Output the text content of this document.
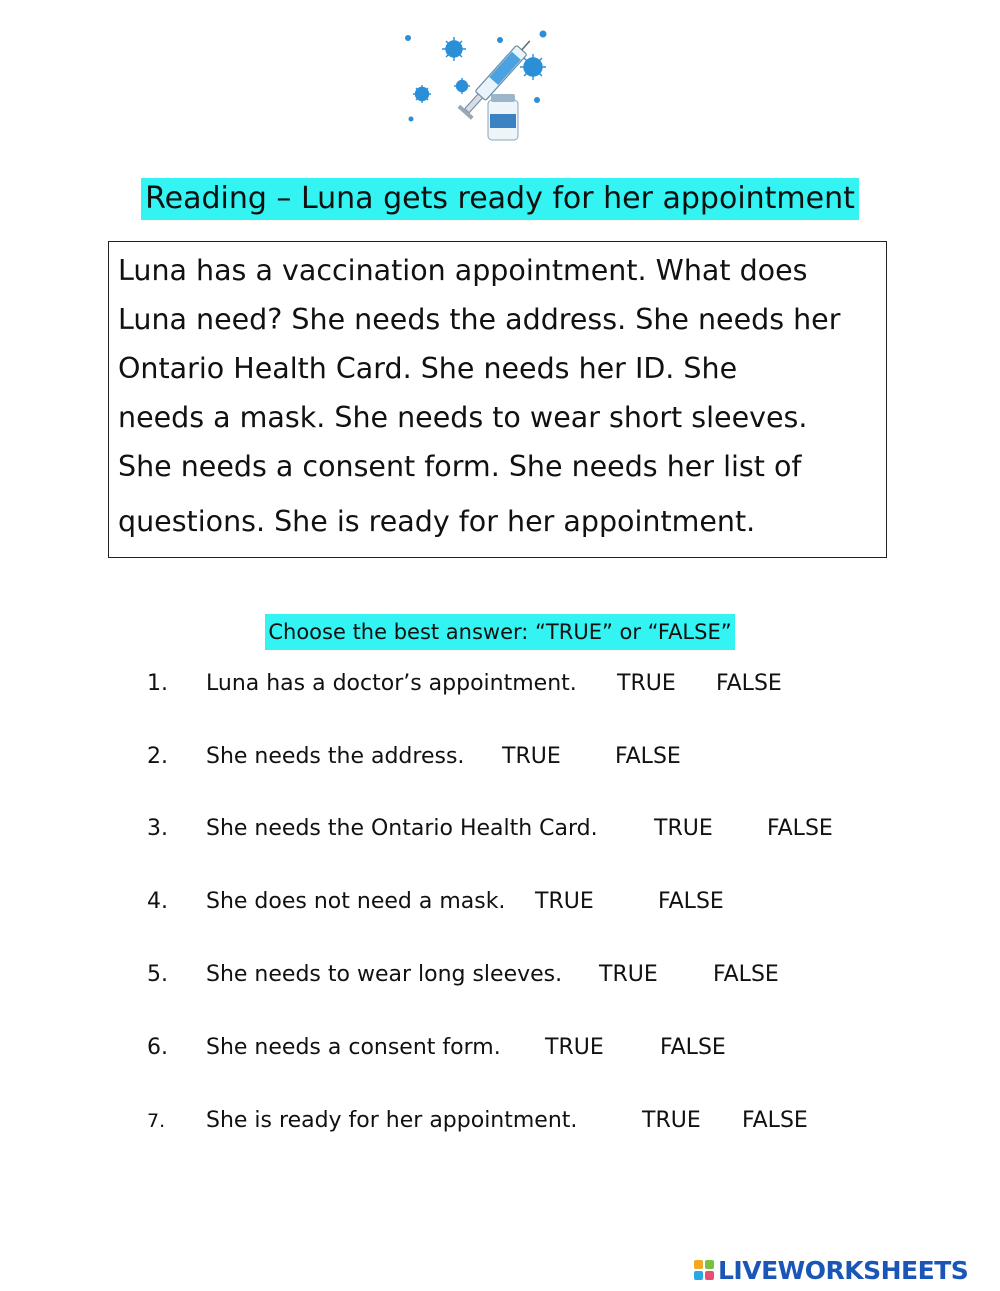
Reading – Luna gets ready for her appointment

Luna has a vaccination appointment. What does
Luna need? She needs the address. She needs her
Ontario Health Card. She needs her ID. She
needs a mask. She needs to wear short sleeves.
She needs a consent form. She needs her list of
questions. She is ready for her appointment.

Choose the best answer: “TRUE” or “FALSE”
1. Luna has a doctor’s appointment. TRUE FALSE
2. She needs the address. TRUE FALSE
3. She needs the Ontario Health Card.	TRUE FALSE
4. She does not need a mask. TRUE	FALSE
5. She needs to wear long sleeves. TRUE	FALSE
6. She needs a consent form. TRUE	FALSE
7. She is ready for her appointment.	TRUE FALSE
LIVEWORKSHEETS
